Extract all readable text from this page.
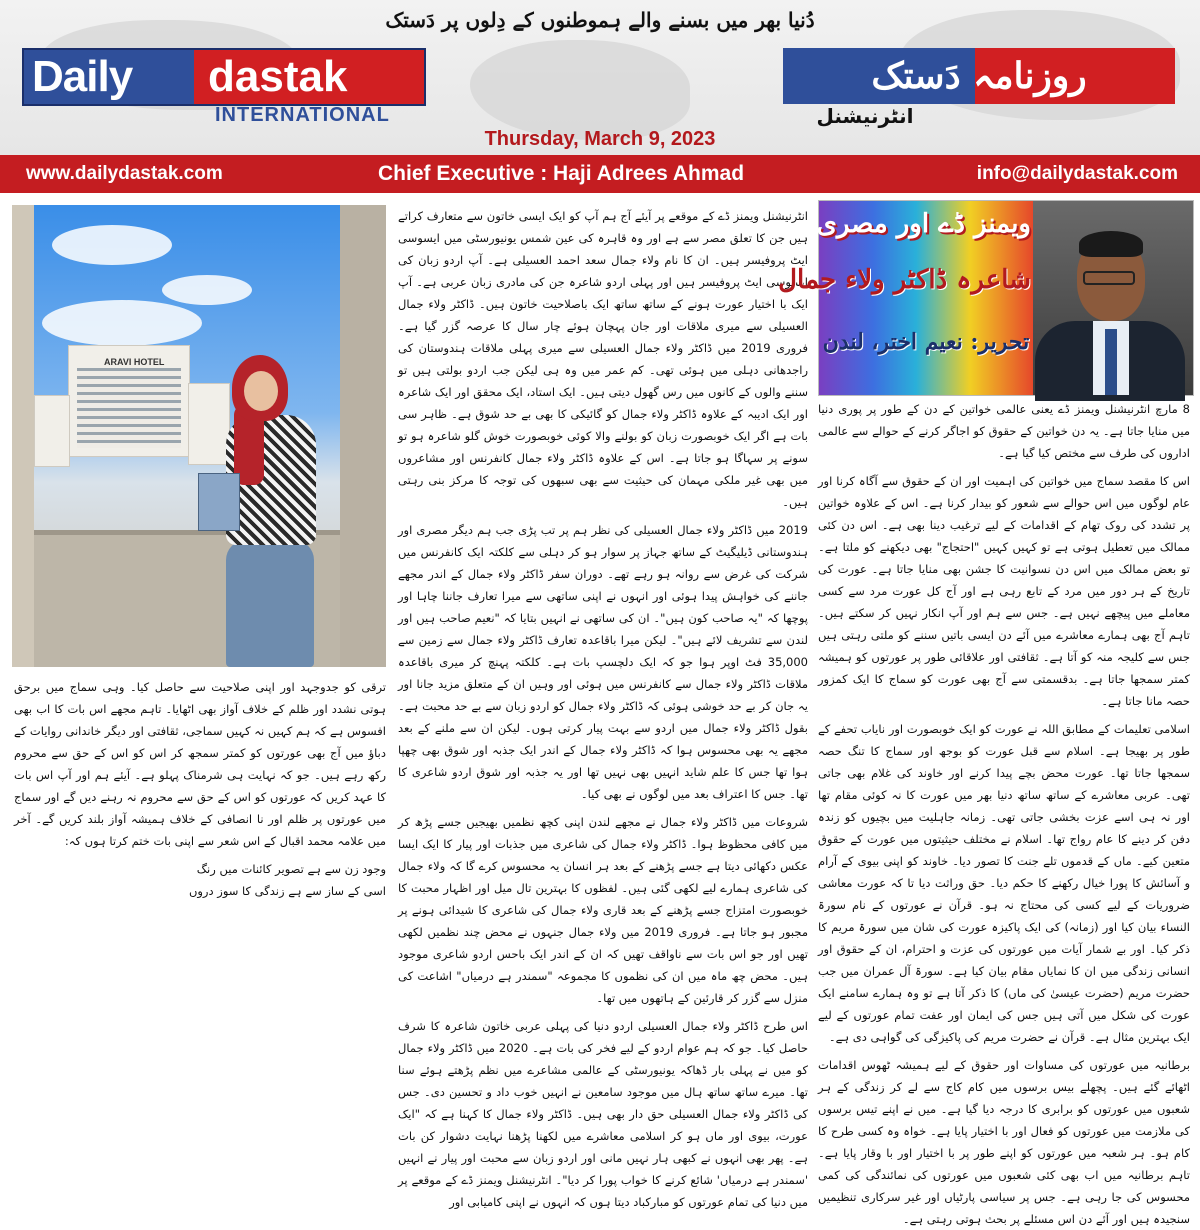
دُنیا بھر میں بسنے والے ہموطنوں کے دِلوں پر دَستک
Daily dastak
INTERNATIONAL
روزنامہ دَستک
انٹرنیشنل
Thursday, March 9, 2023
www.dailydastak.com	Chief Executive : Haji Adrees Ahmad	info@dailydastak.com
ARAVI HOTEL

ترقی کو جدوجہد اور اپنی صلاحیت سے حاصل کیا۔ وہی سماج میں برحق ہوتی نشدد اور ظلم کے خلاف آواز بھی اٹھایا۔ تاہم مجھے اس بات کا اب بھی افسوس ہے کہ ہم کہیں نہ کہیں سماجی، ثقافتی اور دیگر خاندانی روایات کے دباؤ میں آج بھی عورتوں کو کمتر سمجھ کر اس کو اس کے حق سے محروم رکھ رہے ہیں۔ جو کہ نہایت ہی شرمناک پہلو ہے۔ آیئے ہم اور آپ اس بات کا عہد کریں کہ عورتوں کو اس کے حق سے محروم نہ رہنے دیں گے اور سماج میں عورتوں پر ظلم اور نا انصافی کے خلاف ہمیشہ آواز بلند کریں گے۔ آخر میں علامہ محمد اقبال کے اس شعر سے اپنی بات ختم کرتا ہوں کہ:

وجود زن سے ہے تصویر کائنات میں رنگ

اسی کے ساز سے ہے زندگی کا سوز دروں

انٹرنیشنل ویمنز ڈے کے موقعے پر آیئے آج ہم آپ کو ایک ایسی خاتون سے متعارف کراتے ہیں جن کا تعلق مصر سے ہے اور وہ قاہرہ کی عین شمس یونیورسٹی میں ایسوسی ایٹ پروفیسر ہیں۔ ان کا نام ولاء جمال سعد احمد العسیلی ہے۔ آپ اردو زبان کی ایسوسی ایٹ پروفیسر ہیں اور پہلی اردو شاعرہ جن کی مادری زبان عربی ہے۔ آپ ایک با اختیار عورت ہونے کے ساتھ ساتھ ایک باصلاحیت خاتون ہیں۔ ڈاکٹر ولاء جمال العسیلی سے میری ملاقات اور جان پہچان ہوئے چار سال کا عرصہ گزر گیا ہے۔ فروری 2019 میں ڈاکٹر ولاء جمال العسیلی سے میری پہلی ملاقات ہندوستان کی راجدھانی دہلی میں ہوئی تھی۔ کم عمر میں وہ ہی لیکن جب اردو بولتی ہیں تو سننے والوں کے کانوں میں رس گھول دیتی ہیں۔ ایک استاد، ایک محقق اور ایک شاعرہ اور ایک ادیبہ کے علاوہ ڈاکٹر ولاء جمال کو گائیکی کا بھی بے حد شوق ہے۔ ظاہر سی بات ہے اگر ایک خوبصورت زبان کو بولنے والا کوئی خوبصورت خوش گلو شاعرہ ہو تو سونے پر سہاگا ہو جاتا ہے۔ اس کے علاوہ ڈاکٹر ولاء جمال کانفرنس اور مشاعروں میں بھی غیر ملکی مہمان کی حیثیت سے بھی سبھوں کی توجہ کا مرکز بنی رہتی ہیں۔

2019 میں ڈاکٹر ولاء جمال العسیلی کی نظر ہم پر تب پڑی جب ہم دیگر مصری اور ہندوستانی ڈیلیگیٹ کے ساتھ جہاز پر سوار ہو کر دہلی سے کلکتہ ایک کانفرنس میں شرکت کی غرض سے روانہ ہو رہے تھے۔ دوران سفر ڈاکٹر ولاء جمال کے اندر مجھے جاننے کی خواہش پیدا ہوئی اور انہوں نے اپنی ساتھی سے میرا تعارف جاننا چاہا اور پوچھا کہ "یہ صاحب کون ہیں"۔ ان کی ساتھی نے انہیں بتایا کہ "نعیم صاحب ہیں اور لندن سے تشریف لائے ہیں"۔ لیکن میرا باقاعدہ تعارف ڈاکٹر ولاء جمال سے زمین سے 35,000 فٹ اوپر ہوا جو کہ ایک دلچسپ بات ہے۔ کلکتہ پہنچ کر میری باقاعدہ ملاقات ڈاکٹر ولاء جمال سے کانفرنس میں ہوئی اور وہیں ان کے متعلق مزید جانا اور یہ جان کر بے حد خوشی ہوئی کہ ڈاکٹر ولاء جمال کو اردو زبان سے بے حد محبت ہے۔ بقول ڈاکٹر ولاء جمال میں اردو سے بہت پیار کرتی ہوں۔ لیکن ان سے ملنے کے بعد مجھے یہ بھی محسوس ہوا کہ ڈاکٹر ولاء جمال کے اندر ایک جذبہ اور شوق بھی چھپا ہوا تھا جس کا علم شاید انہیں بھی نہیں تھا اور یہ جذبہ اور شوق اردو شاعری کا تھا۔ جس کا اعتراف بعد میں لوگوں نے بھی کیا۔

شروعات میں ڈاکٹر ولاء جمال نے مجھے لندن اپنی کچھ نظمیں بھیجیں جسے پڑھ کر میں کافی محظوظ ہوا۔ ڈاکٹر ولاء جمال کی شاعری میں جذبات اور پیار کا ایک ایسا عکس دکھائی دیتا ہے جسے پڑھنے کے بعد ہر انسان یہ محسوس کرے گا کہ ولاء جمال کی شاعری ہمارے لیے لکھی گئی ہیں۔ لفظوں کا بہترین تال میل اور اظہار محبت کا خوبصورت امتزاج جسے پڑھنے کے بعد قاری ولاء جمال کی شاعری کا شیدائی ہونے پر مجبور ہو جاتا ہے۔ فروری 2019 میں ولاء جمال جنہوں نے محض چند نظمیں لکھی تھیں اور جو اس بات سے ناواقف تھیں کہ ان کے اندر ایک باحس اردو شاعری موجود ہیں۔ محض چھ ماہ میں ان کی نظموں کا مجموعہ "سمندر ہے درمیاں" اشاعت کی منزل سے گزر کر قارئین کے ہاتھوں میں تھا۔

اس طرح ڈاکٹر ولاء جمال العسیلی اردو دنیا کی پہلی عربی خاتون شاعرہ کا شرف حاصل کیا۔ جو کہ ہم عوام اردو کے لیے فخر کی بات ہے۔ 2020 میں ڈاکٹر ولاء جمال کو میں نے پہلی بار ڈھاکہ یونیورسٹی کے عالمی مشاعرے میں نظم پڑھتے ہوئے سنا تھا۔ میرے ساتھ ساتھ ہال میں موجود سامعین نے انہیں خوب داد و تحسین دی۔ جس کی ڈاکٹر ولاء جمال العسیلی حق دار بھی ہیں۔ ڈاکٹر ولاء جمال کا کہنا ہے کہ "ایک عورت، بیوی اور ماں ہو کر اسلامی معاشرے میں لکھنا پڑھنا نہایت دشوار کن بات ہے۔ پھر بھی انہوں نے کبھی ہار نہیں مانی اور اردو زبان سے محبت اور پیار نے انہیں 'سمندر ہے درمیاں' شائع کرنے کا خواب پورا کر دیا"۔ انٹرنیشنل ویمنز ڈے کے موقعے پر میں دنیا کی تمام عورتوں کو مبارکباد دیتا ہوں کہ انہوں نے اپنی کامیابی اور

ویمنز ڈے اور مصری
شاعرہ ڈاکٹر ولاء جمال
تحریر: نعیم اختر، لندن

8 مارچ انٹرنیشنل ویمنز ڈے یعنی عالمی خواتین کے دن کے طور پر پوری دنیا میں منایا جاتا ہے۔ یہ دن خواتین کے حقوق کو اجاگر کرنے کے حوالے سے عالمی اداروں کی طرف سے مختص کیا گیا ہے۔

اس کا مقصد سماج میں خواتین کی اہمیت اور ان کے حقوق سے آگاہ کرنا اور عام لوگوں میں اس حوالے سے شعور کو بیدار کرنا ہے۔ اس کے علاوہ خواتین پر تشدد کی روک تھام کے اقدامات کے لیے ترغیب دینا بھی ہے۔ اس دن کئی ممالک میں تعطیل ہوتی ہے تو کہیں کہیں "احتجاج" بھی دیکھنے کو ملتا ہے۔ تو بعض ممالک میں اس دن نسوانیت کا جشن بھی منایا جاتا ہے۔ عورت کی تاریخ کے ہر دور میں مرد کے تابع رہی ہے اور آج کل عورت مرد سے کسی معاملے میں پیچھے نہیں ہے۔ جس سے ہم اور آپ انکار نہیں کر سکتے ہیں۔ تاہم آج بھی ہمارے معاشرے میں آئے دن ایسی باتیں سننے کو ملتی رہتی ہیں جس سے کلیجہ منہ کو آتا ہے۔ ثقافتی اور علاقائی طور پر عورتوں کو ہمیشہ کمتر سمجھا جاتا ہے۔ بدقسمتی سے آج بھی عورت کو سماج کا ایک کمزور حصہ مانا جاتا ہے۔

اسلامی تعلیمات کے مطابق اللہ نے عورت کو ایک خوبصورت اور نایاب تحفے کے طور پر بھیجا ہے۔ اسلام سے قبل عورت کو بوجھ اور سماج کا تنگ حصہ سمجھا جاتا تھا۔ عورت محض بچے پیدا کرنے اور خاوند کی غلام بھی جاتی تھی۔ عربی معاشرے کے ساتھ ساتھ دنیا بھر میں عورت کا نہ کوئی مقام تھا اور نہ ہی اسے عزت بخشی جاتی تھی۔ زمانہ جاہلیت میں بچیوں کو زندہ دفن کر دینے کا عام رواج تھا۔ اسلام نے مختلف حیثیتوں میں عورت کے حقوق متعین کیے۔ ماں کے قدموں تلے جنت کا تصور دیا۔ خاوند کو اپنی بیوی کے آرام و آسائش کا پورا خیال رکھنے کا حکم دیا۔ حق وراثت دیا تا کہ عورت معاشی ضروریات کے لیے کسی کی محتاج نہ ہو۔ قرآن نے عورتوں کے نام سورۃ النساء بیان کیا اور (زمانہ) کی ایک پاکیزہ عورت کی شان میں سورۃ مریم کا ذکر کیا۔ اور بے شمار آیات میں عورتوں کی عزت و احترام، ان کے حقوق اور انسانی زندگی میں ان کا نمایاں مقام بیان کیا ہے۔ سورۃ آل عمران میں جب حضرت مریم (حضرت عیسیٰ کی ماں) کا ذکر آتا ہے تو وہ ہمارے سامنے ایک عورت کی شکل میں آتی ہیں جس کی ایمان اور عفت تمام عورتوں کے لیے ایک بہترین مثال ہے۔ قرآن نے حضرت مریم کی پاکیزگی کی گواہی دی ہے۔

برطانیہ میں عورتوں کی مساوات اور حقوق کے لیے ہمیشہ ٹھوس اقدامات اٹھائے گئے ہیں۔ پچھلے بیس برسوں میں کام کاج سے لے کر زندگی کے ہر شعبوں میں عورتوں کو برابری کا درجہ دیا گیا ہے۔ میں نے اپنے تیس برسوں کی ملازمت میں عورتوں کو فعال اور با اختیار پایا ہے۔ خواہ وہ کسی طرح کا کام ہو۔ ہر شعبہ میں عورتوں کو اپنے طور پر با اختیار اور با وقار پایا ہے۔ تاہم برطانیہ میں اب بھی کئی شعبوں میں عورتوں کی نمائندگی کی کمی محسوس کی جا رہی ہے۔ جس پر سیاسی پارٹیاں اور غیر سرکاری تنظیمیں سنجیدہ ہیں اور آئے دن اس مسئلے پر بحث ہوتی رہتی ہے۔
